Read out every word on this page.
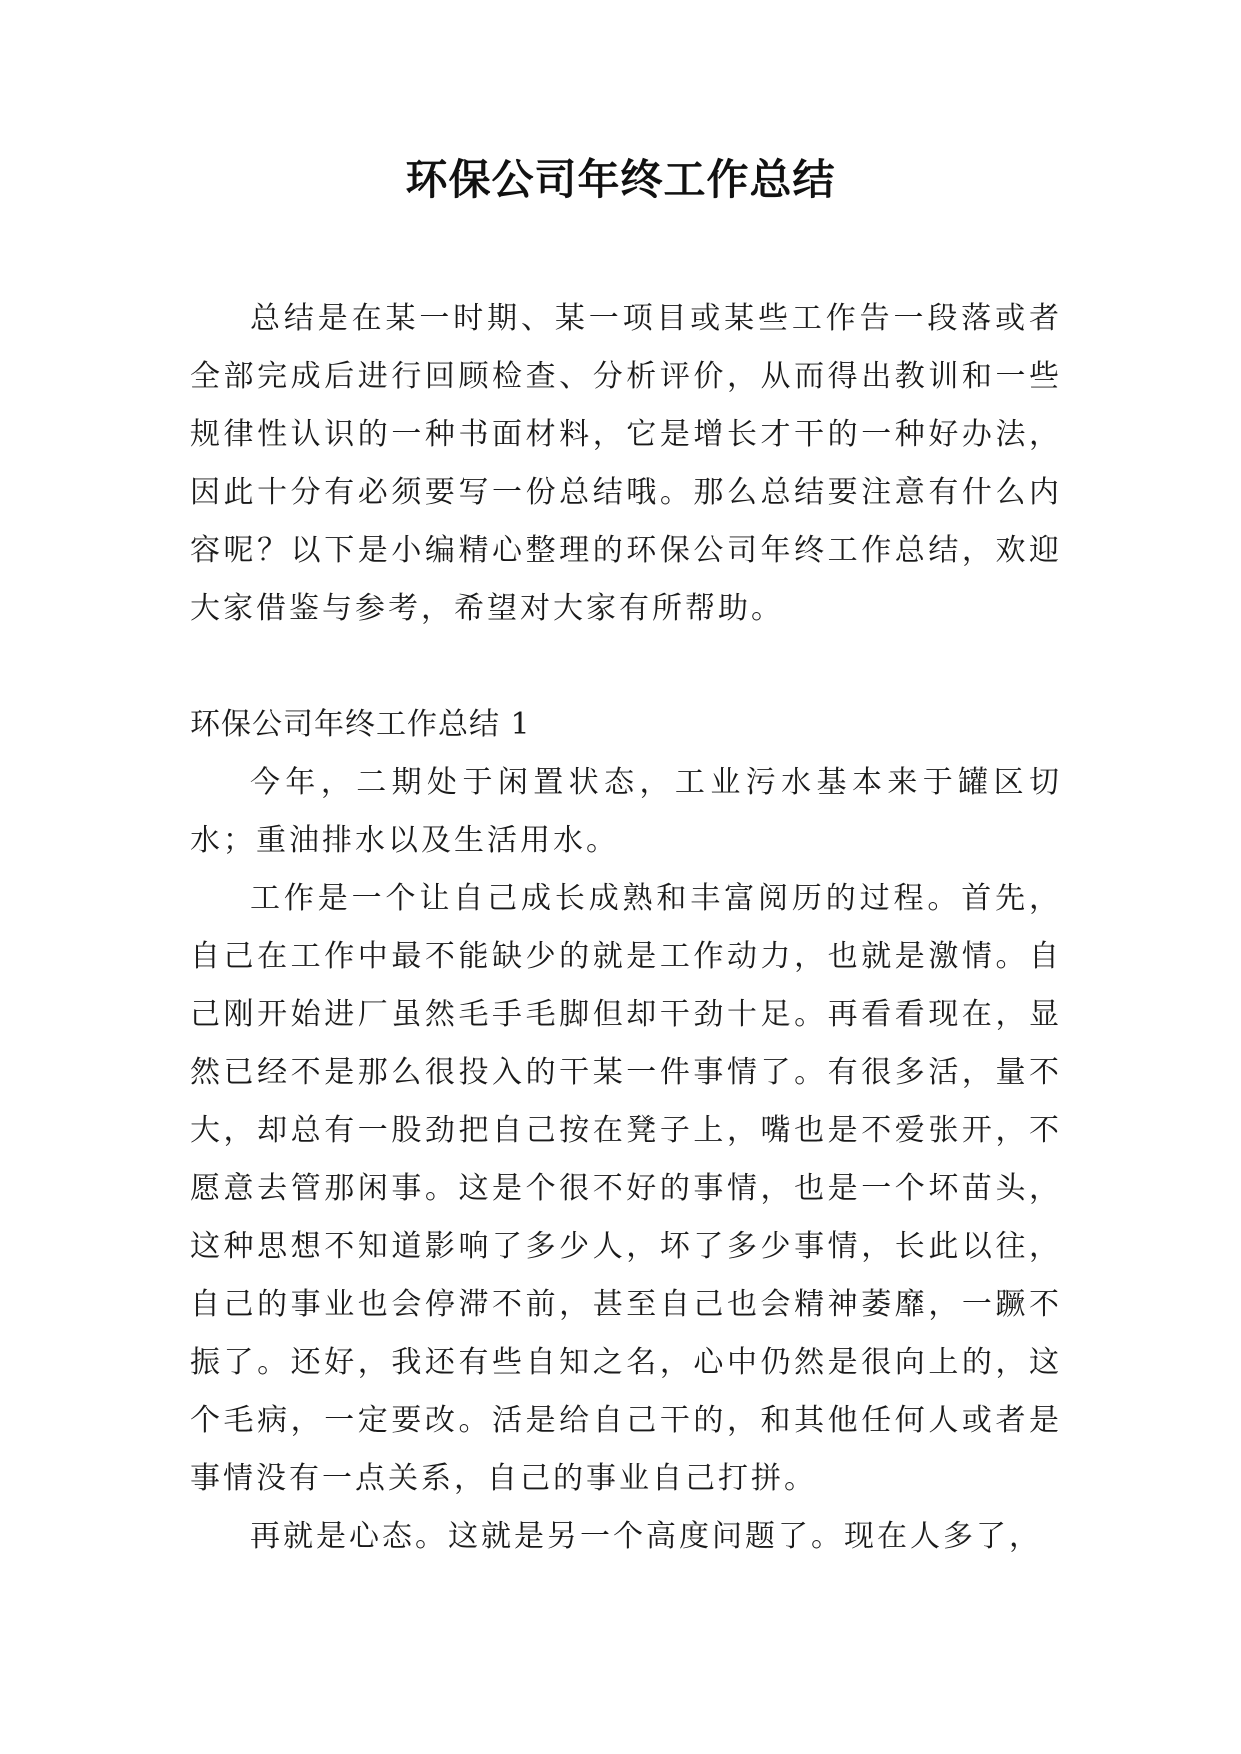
环保公司年终工作总结

总结是在某一时期、某一项目或某些工作告一段落或者全部完成后进行回顾检查、分析评价，从而得出教训和一些规律性认识的一种书面材料，它是增长才干的一种好办法，因此十分有必须要写一份总结哦。那么总结要注意有什么内容呢？以下是小编精心整理的环保公司年终工作总结，欢迎大家借鉴与参考，希望对大家有所帮助。

环保公司年终工作总结 1

今年，二期处于闲置状态，工业污水基本来于罐区切水；重油排水以及生活用水。

工作是一个让自己成长成熟和丰富阅历的过程。首先，自己在工作中最不能缺少的就是工作动力，也就是激情。自己刚开始进厂虽然毛手毛脚但却干劲十足。再看看现在，显然已经不是那么很投入的干某一件事情了。有很多活，量不大，却总有一股劲把自己按在凳子上，嘴也是不爱张开，不愿意去管那闲事。这是个很不好的事情，也是一个坏苗头，这种思想不知道影响了多少人，坏了多少事情，长此以往，自己的事业也会停滞不前，甚至自己也会精神萎靡，一蹶不振了。还好，我还有些自知之名，心中仍然是很向上的，这个毛病，一定要改。活是给自己干的，和其他任何人或者是事情没有一点关系，自己的事业自己打拼。

再就是心态。这就是另一个高度问题了。现在人多了，
